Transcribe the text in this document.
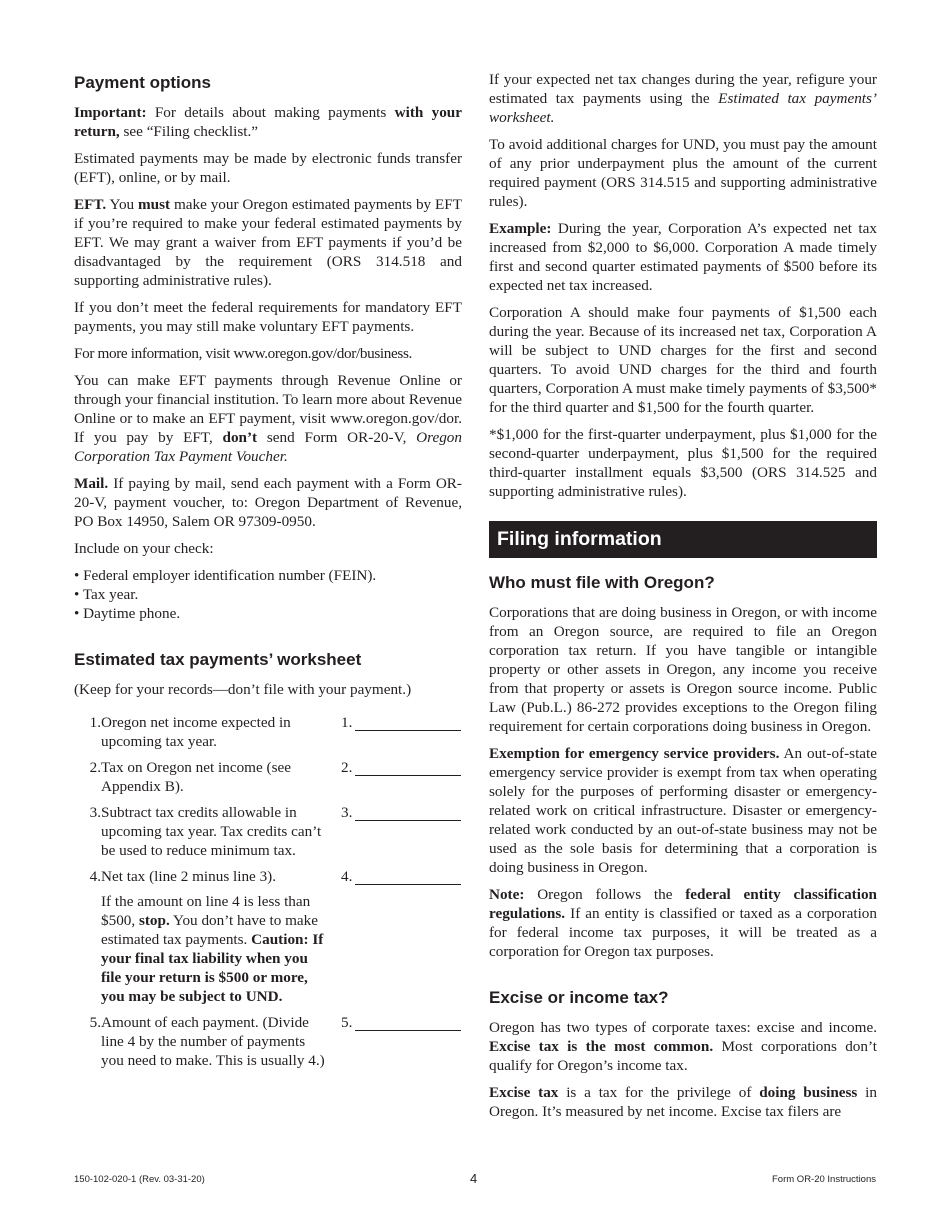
Payment options

Important: For details about making payments with your return, see “Filing checklist.”

Estimated payments may be made by electronic funds transfer (EFT), online, or by mail.

EFT. You must make your Oregon estimated payments by EFT if you’re required to make your federal estimated payments by EFT. We may grant a waiver from EFT payments if you’d be disadvantaged by the requirement (ORS 314.518 and supporting administrative rules).

If you don’t meet the federal requirements for mandatory EFT payments, you may still make voluntary EFT payments.

For more information, visit www.oregon.gov/dor/business.

You can make EFT payments through Revenue Online or through your financial institution. To learn more about Revenue Online or to make an EFT payment, visit www.oregon.gov/dor. If you pay by EFT, don’t send Form OR-20-V, Oregon Corporation Tax Payment Voucher.

Mail. If paying by mail, send each payment with a Form OR-20-V, payment voucher, to: Oregon Department of Revenue, PO Box 14950, Salem OR 97309-0950.

Include on your check:

• Federal employer identification number (FEIN).
• Tax year.
• Daytime phone.
Estimated tax payments’ worksheet

(Keep for your records—don’t file with your payment.)

1. Oregon net income expected in upcoming tax year.
1.
2. Tax on Oregon net income (see Appendix B).
2.
3. Subtract tax credits allowable in upcoming tax year. Tax credits can’t be used to reduce minimum tax.
3.
4. Net tax (line 2 minus line 3).
If the amount on line 4 is less than $500, stop. You don’t have to make estimated tax payments. Caution: If your final tax liability when you file your return is $500 or more, you may be subject to UND.
4.
5. Amount of each payment. (Divide line 4 by the number of payments you need to make. This is usually 4.)
5.

If your expected net tax changes during the year, refigure your estimated tax payments using the Estimated tax payments’ worksheet.

To avoid additional charges for UND, you must pay the amount of any prior underpayment plus the amount of the current required payment (ORS 314.515 and supporting administrative rules).

Example: During the year, Corporation A’s expected net tax increased from $2,000 to $6,000. Corporation A made timely first and second quarter estimated payments of $500 before its expected net tax increased.

Corporation A should make four payments of $1,500 each during the year. Because of its increased net tax, Corporation A will be subject to UND charges for the first and second quarters. To avoid UND charges for the third and fourth quarters, Corporation A must make timely payments of $3,500* for the third quarter and $1,500 for the fourth quarter.

*$1,000 for the first-quarter underpayment, plus $1,000 for the second-quarter underpayment, plus $1,500 for the required third-quarter installment equals $3,500 (ORS 314.525 and supporting administrative rules).

Filing information
Who must file with Oregon?

Corporations that are doing business in Oregon, or with income from an Oregon source, are required to file an Oregon corporation tax return. If you have tangible or intangible property or other assets in Oregon, any income you receive from that property or assets is Oregon source income. Public Law (Pub.L.) 86-272 provides exceptions to the Oregon filing requirement for certain corporations doing business in Oregon.

Exemption for emergency service providers. An out-of-state emergency service provider is exempt from tax when operating solely for the purposes of performing disaster or emergency-related work on critical infrastructure. Disaster or emergency-related work conducted by an out-of-state business may not be used as the sole basis for determining that a corporation is doing business in Oregon.

Note: Oregon follows the federal entity classification regulations. If an entity is classified or taxed as a corporation for federal income tax purposes, it will be treated as a corporation for Oregon tax purposes.

Excise or income tax?

Oregon has two types of corporate taxes: excise and income. Excise tax is the most common. Most corporations don’t qualify for Oregon’s income tax.

Excise tax is a tax for the privilege of doing business in Oregon. It’s measured by net income. Excise tax filers are

150-102-020-1 (Rev. 03-31-20)	4	Form OR-20 Instructions
